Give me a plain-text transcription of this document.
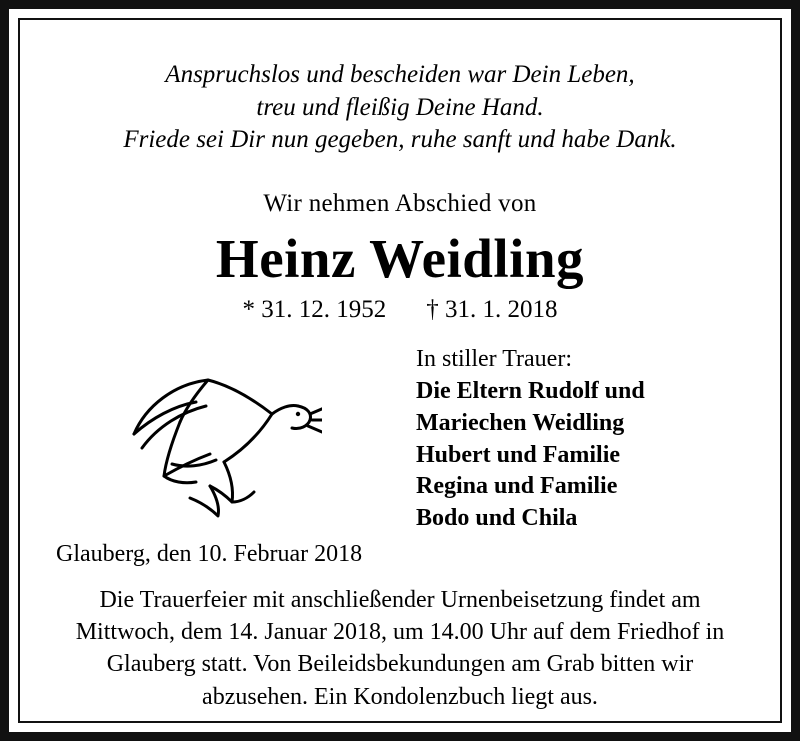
Anspruchslos und bescheiden war Dein Leben,
treu und fleißig Deine Hand.
Friede sei Dir nun gegeben, ruhe sanft und habe Dank.
Wir nehmen Abschied von
Heinz Weidling
* 31. 12. 1952 † 31. 1. 2018
In stiller Trauer:
Die Eltern Rudolf und
Mariechen Weidling
Hubert und Familie
Regina und Familie
Bodo und Chila
Glauberg, den 10. Februar 2018
Die Trauerfeier mit anschließender Urnenbeisetzung findet am Mittwoch, dem 14. Januar 2018, um 14.00 Uhr auf dem Friedhof in Glauberg statt. Von Beileidsbekundungen am Grab bitten wir abzusehen. Ein Kondolenzbuch liegt aus.
